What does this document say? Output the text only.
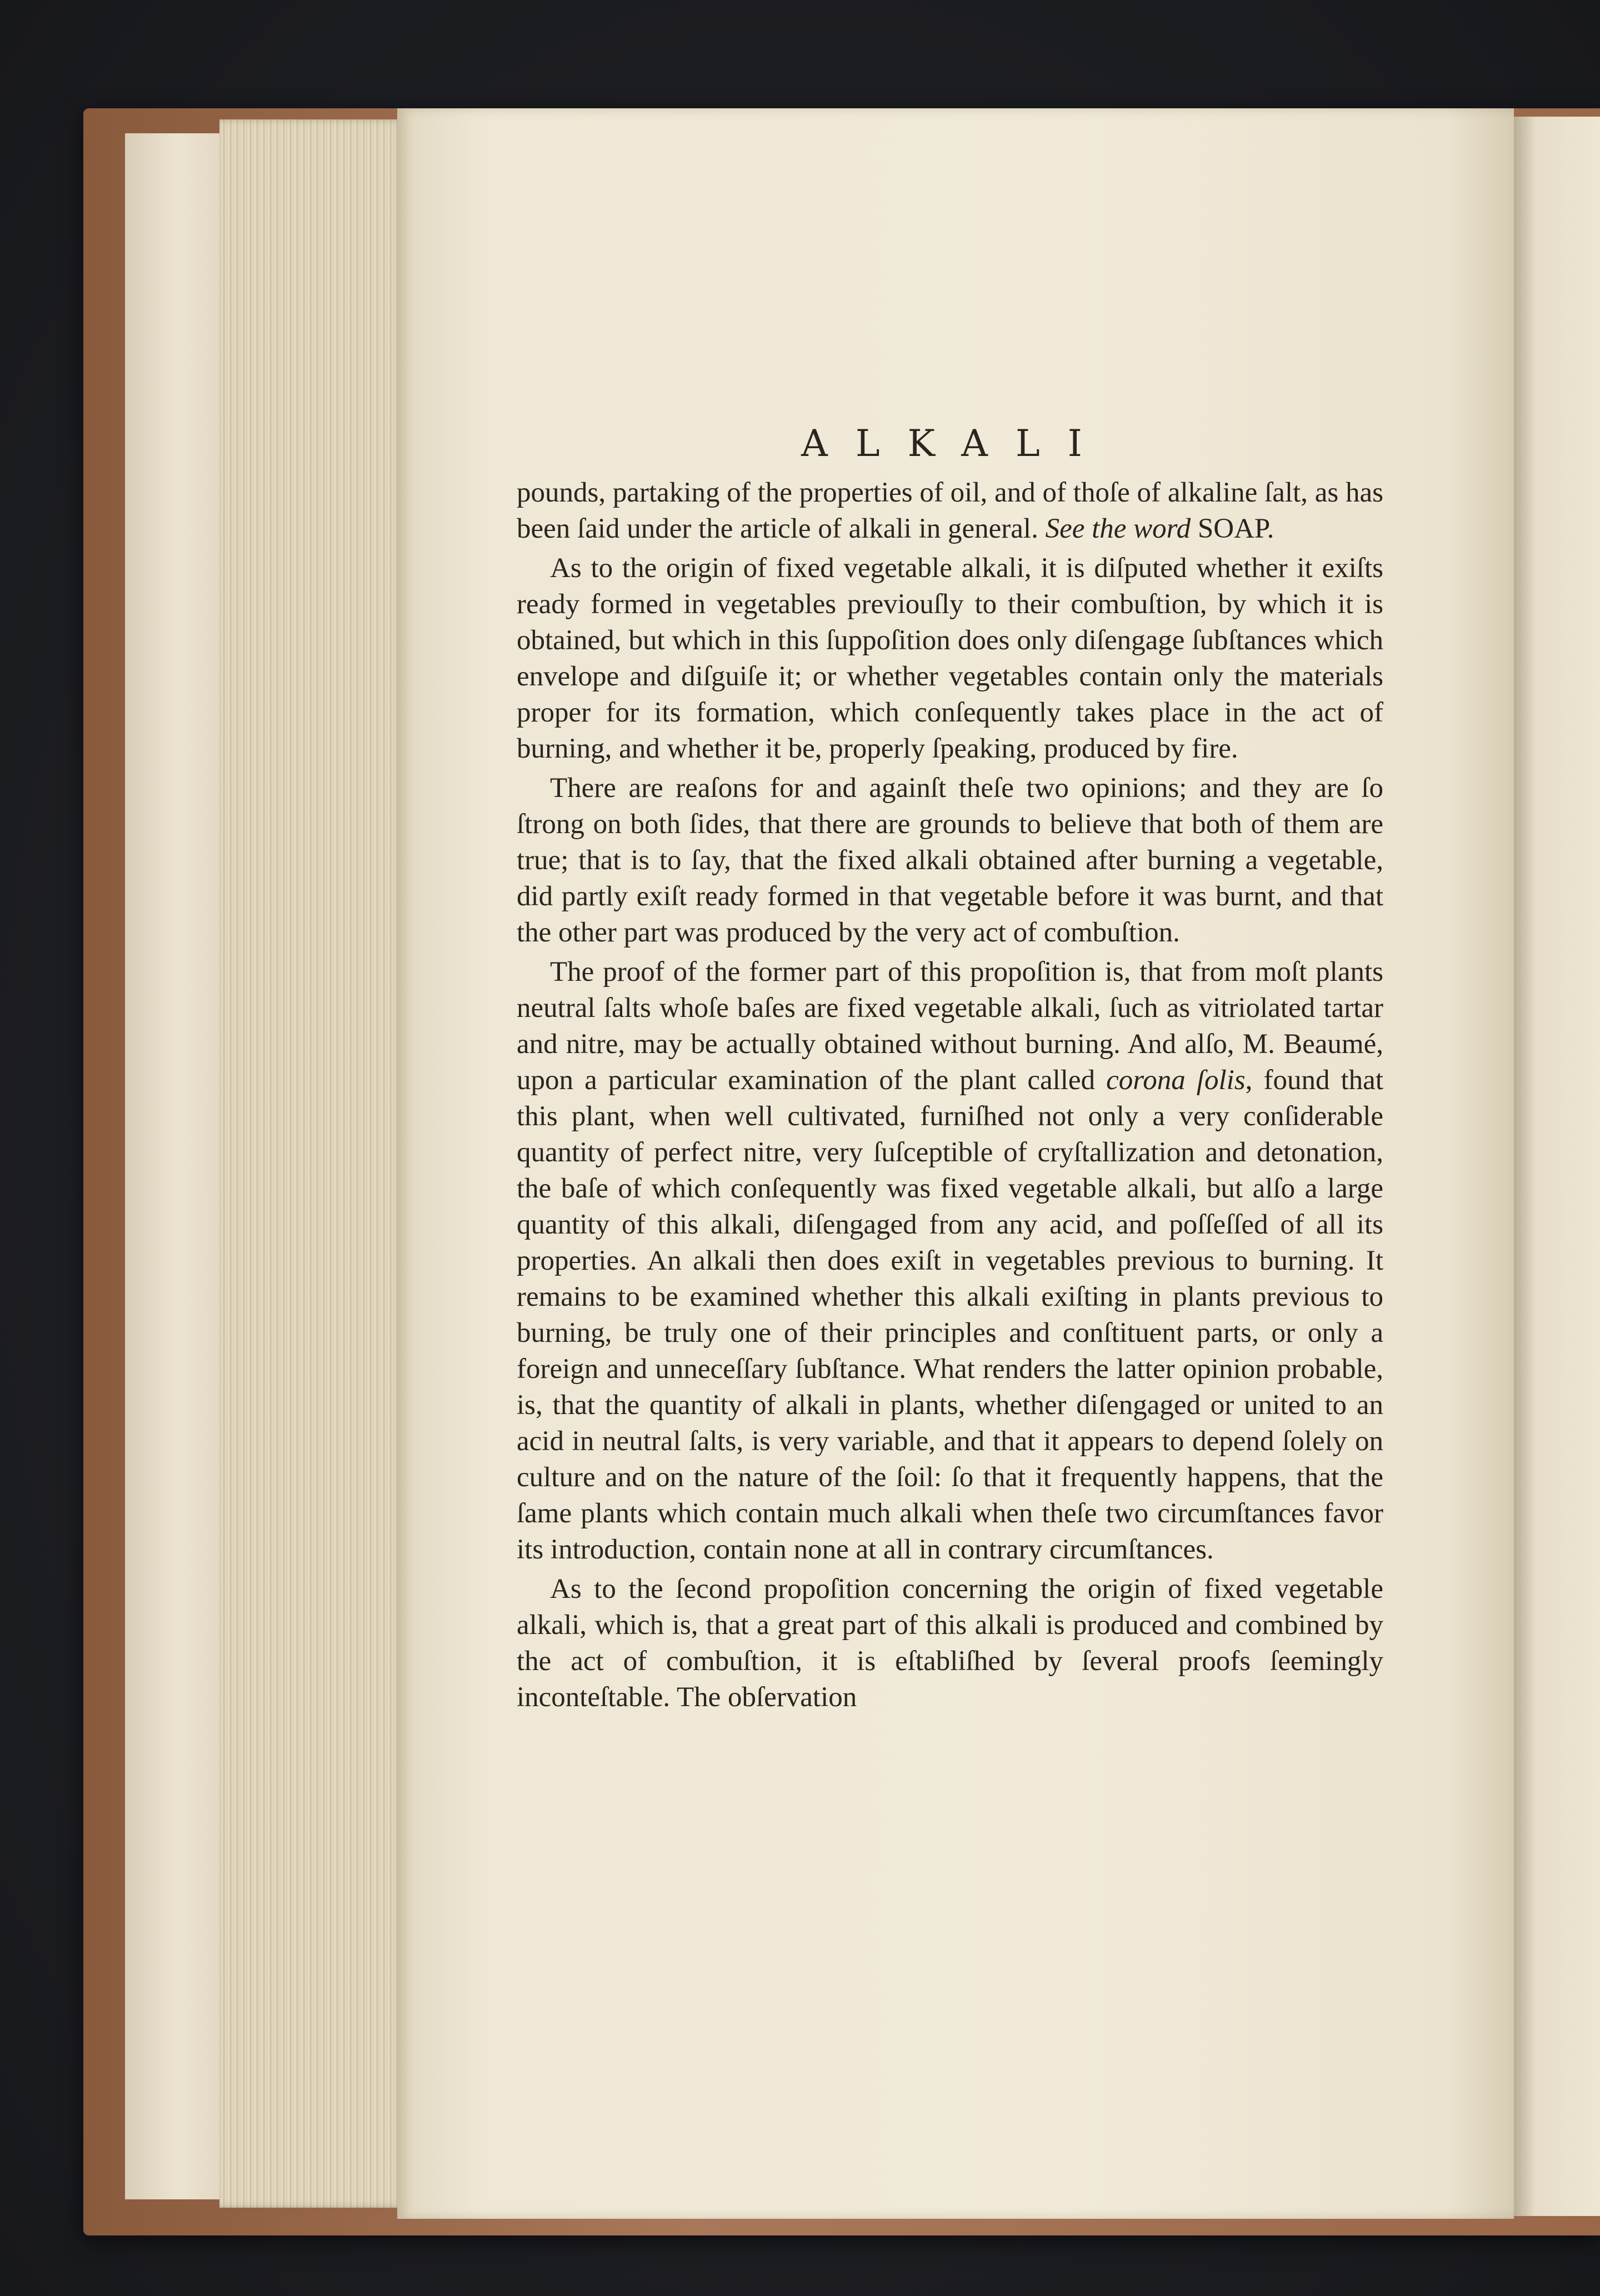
ALKALI

pounds, partaking of the properties of oil, and of thoſe of alkaline ſalt, as has been ſaid under the article of alkali in general. See the word SOAP.

As to the origin of fixed vegetable alkali, it is diſputed whether it exiſts ready formed in vegetables previouſly to their combuſtion, by which it is obtained, but which in this ſuppoſition does only diſengage ſubſtances which envelope and diſguiſe it; or whether vegetables contain only the materials proper for its formation, which conſequently takes place in the act of burning, and whether it be, properly ſpeaking, produced by fire.

There are reaſons for and againſt theſe two opinions; and they are ſo ſtrong on both ſides, that there are grounds to believe that both of them are true; that is to ſay, that the fixed alkali obtained after burning a vegetable, did partly exiſt ready formed in that vegetable before it was burnt, and that the other part was produced by the very act of combuſtion.

The proof of the former part of this propoſition is, that from moſt plants neutral ſalts whoſe baſes are fixed vegetable alkali, ſuch as vitriolated tartar and nitre, may be actually obtained without burning. And alſo, M. Beaumé, upon a particular examination of the plant called corona ſolis, found that this plant, when well cultivated, furniſhed not only a very conſiderable quantity of perfect nitre, very ſuſceptible of cryſtallization and detonation, the baſe of which conſequently was fixed vegetable alkali, but alſo a large quantity of this alkali, diſengaged from any acid, and poſſeſſed of all its properties. An alkali then does exiſt in vegetables previous to burning. It remains to be examined whether this alkali exiſting in plants previous to burning, be truly one of their principles and conſtituent parts, or only a foreign and unneceſſary ſubſtance. What renders the latter opinion probable, is, that the quantity of alkali in plants, whether diſengaged or united to an acid in neutral ſalts, is very variable, and that it appears to depend ſolely on culture and on the nature of the ſoil: ſo that it frequently happens, that the ſame plants which contain much alkali when theſe two circumſtances favor its introduction, contain none at all in contrary circumſtances.

As to the ſecond propoſition concerning the origin of fixed vegetable alkali, which is, that a great part of this alkali is produced and combined by the act of combuſtion, it is eſtabliſhed by ſeveral proofs ſeemingly inconteſtable. The obſervation
